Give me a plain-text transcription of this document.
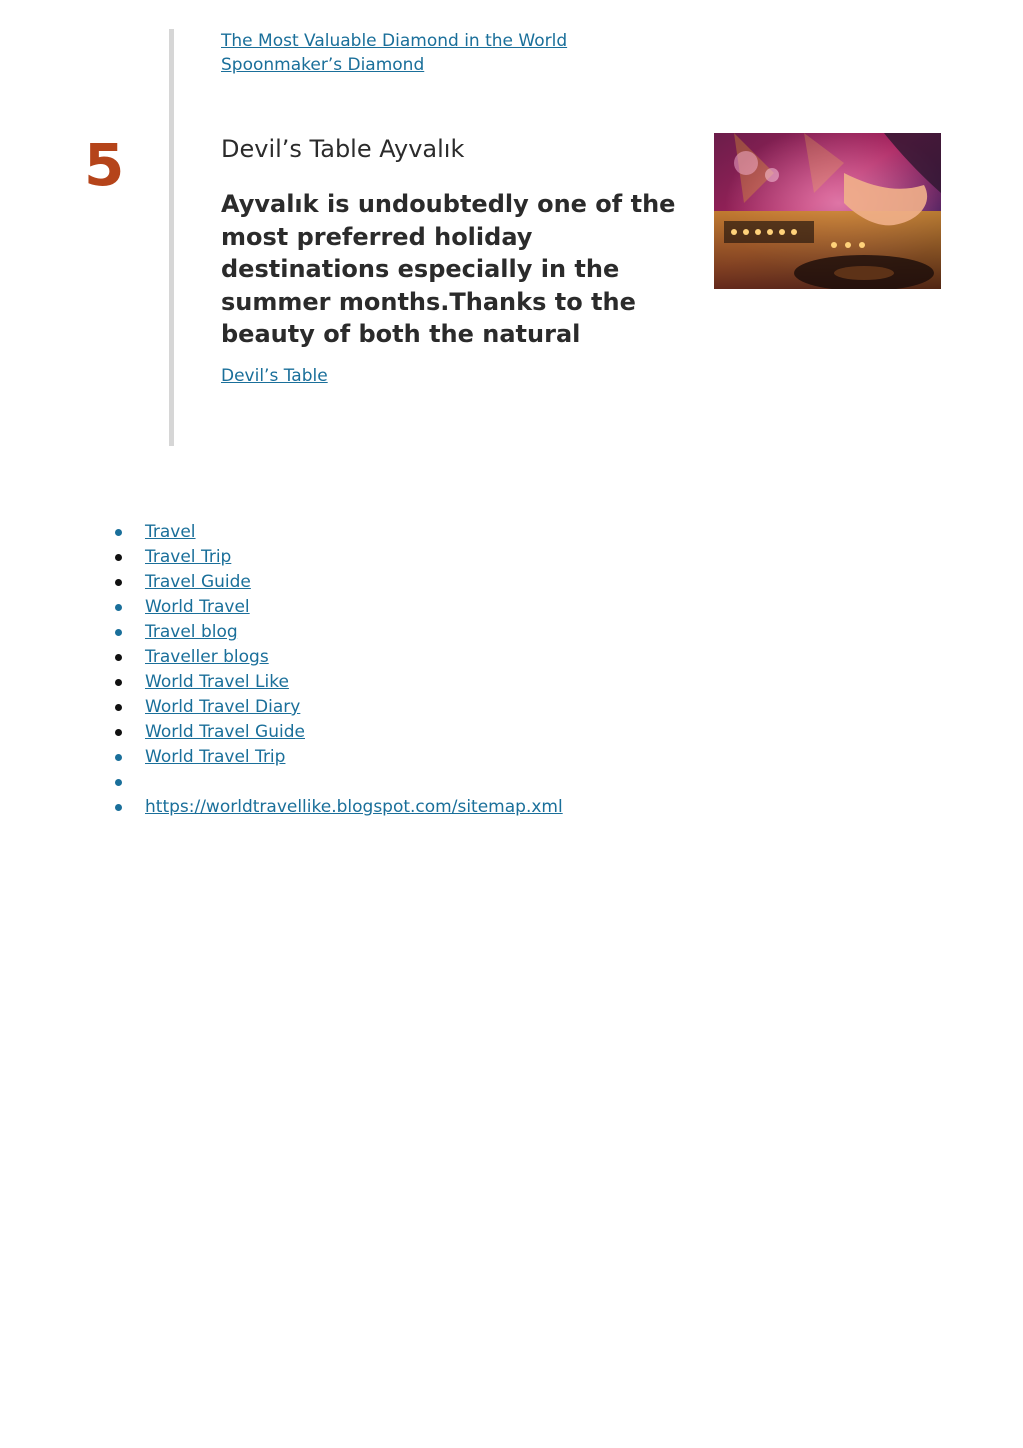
The Most Valuable Diamond in the World
Spoonmaker’s Diamond
5	Devil’s Table Ayvalık
Ayvalık is undoubtedly one of the most preferred holiday destinations especially in the summer months.Thanks to the beauty of both the natural
Devil’s Table
Travel
Travel Trip
Travel Guide
World Travel
Travel blog
Traveller blogs
World Travel Like
World Travel Diary
World Travel Guide
World Travel Trip
https://worldtravellike.blogspot.com/sitemap.xml
